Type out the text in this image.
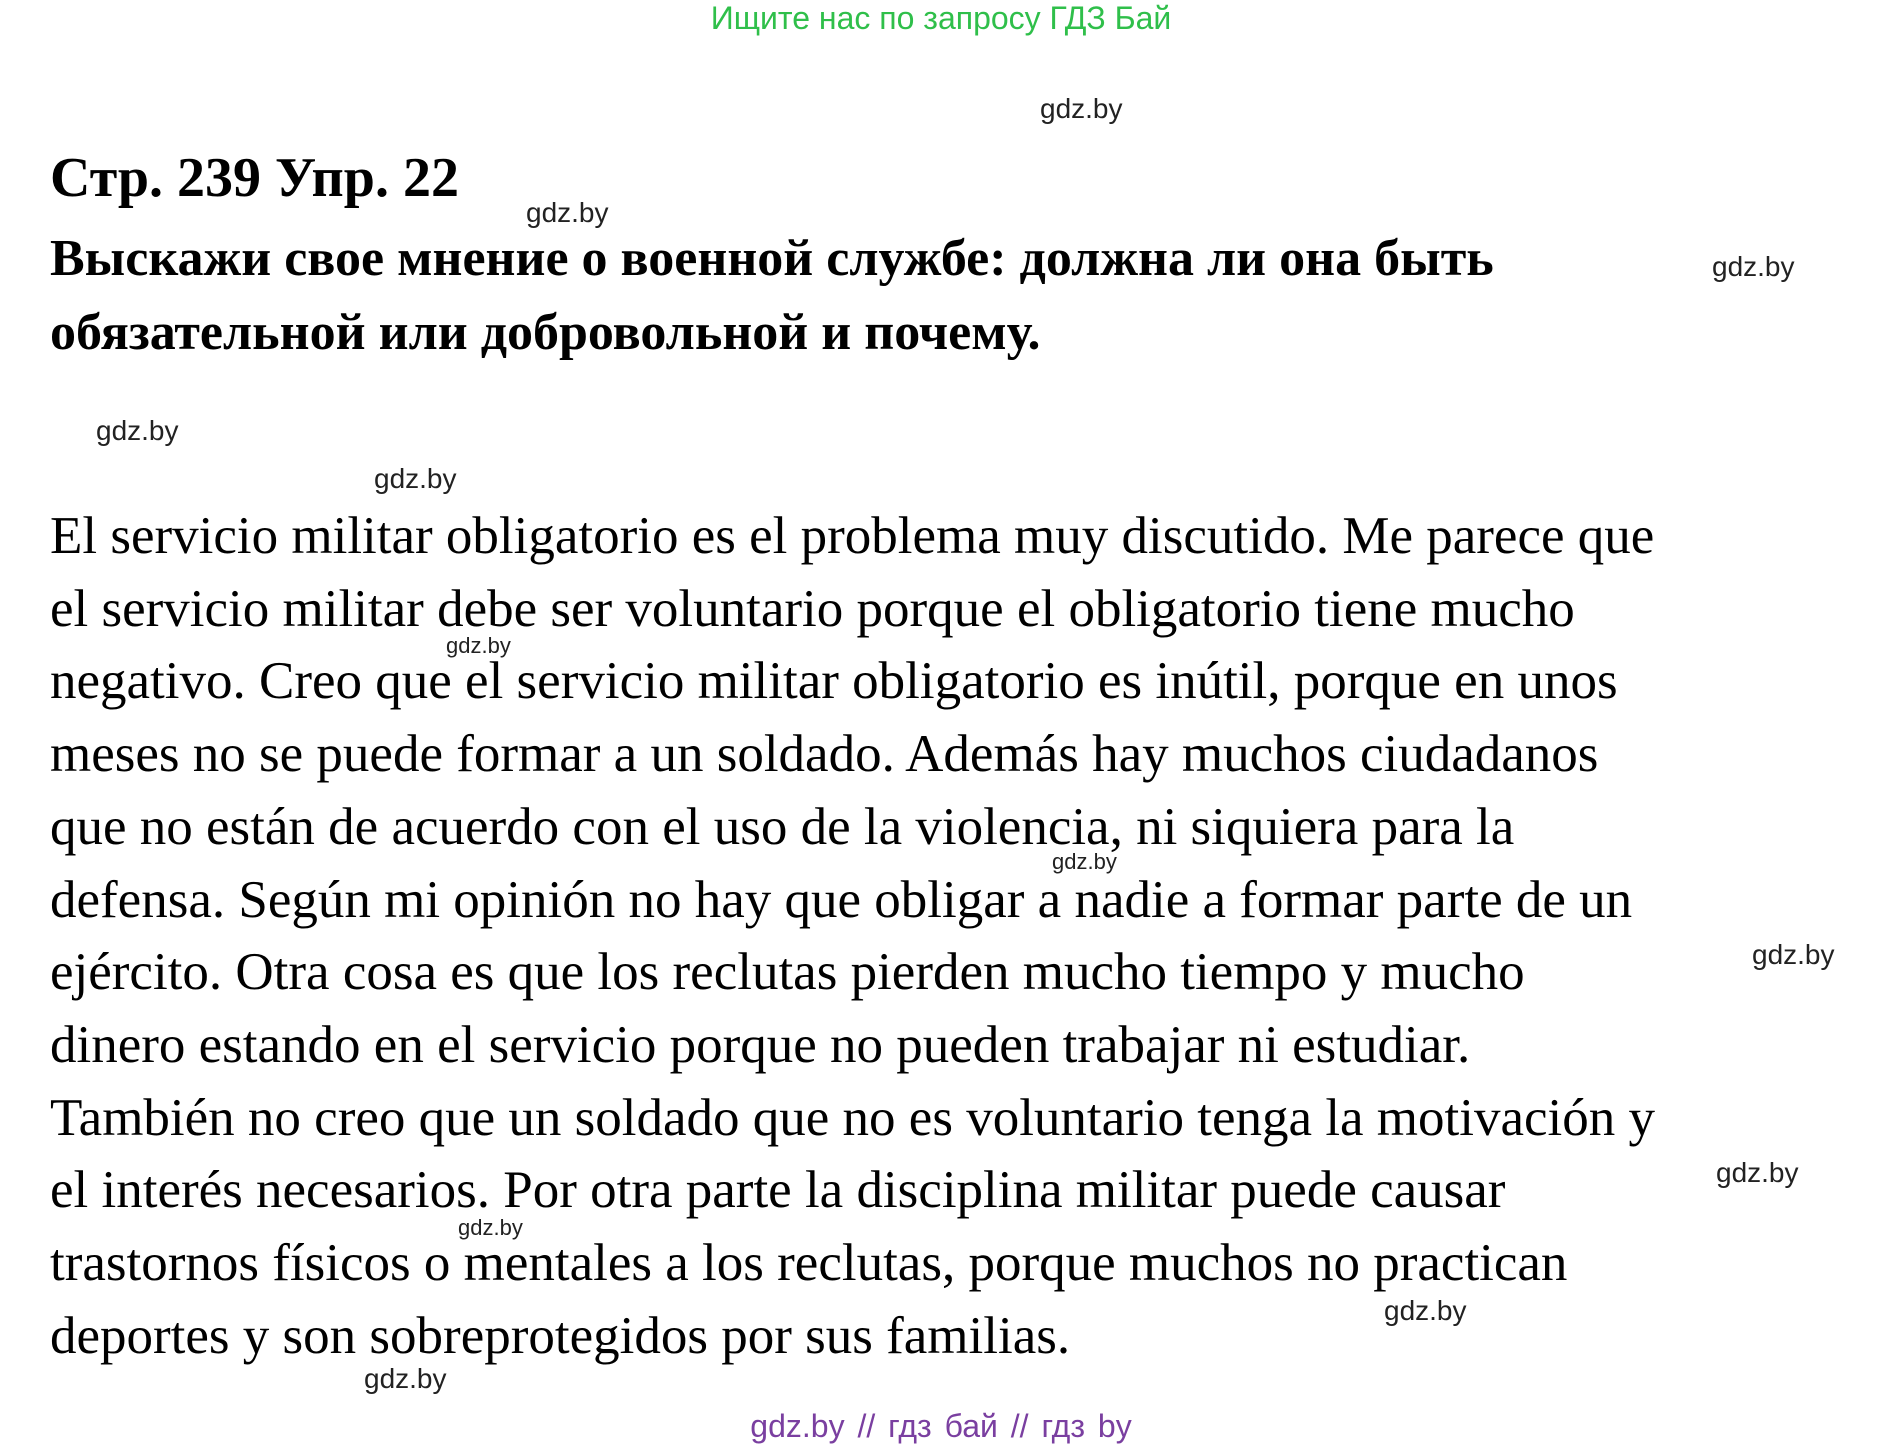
Ищите нас по запросу ГДЗ Бай
gdz.by
gdz.by
Стр. 239 Упр. 22
gdz.by
Выскажи свое мнение о военной службе: должна ли она быть
обязательной или добровольной и почему.
gdz.by
gdz.by

El servicio militar obligatorio es el problema muy discutido. Me parece que
el servicio militar debe ser voluntario porque el obligatorio tiene mucho
negativo. Creo que el servicio militar obligatorio es inútil, porque en unos
meses no se puede formar a un soldado. Además hay muchos ciudadanos
que no están de acuerdo con el uso de la violencia, ni siquiera para la
defensa. Según mi opinión no hay que obligar a nadie a formar parte de un
ejército. Otra cosa es que los reclutas pierden mucho tiempo y mucho
dinero estando en el servicio porque no pueden trabajar ni estudiar.
También no creo que un soldado que no es voluntario tenga la motivación y
el interés necesarios. Por otra parte la disciplina militar puede causar
trastornos físicos o mentales a los reclutas, porque muchos no practican
deportes y son sobreprotegidos por sus familias.

gdz.by
gdz.by
gdz.by
gdz.by
gdz.by
gdz.by
gdz.by
gdz.by // гдз бай // гдз by
